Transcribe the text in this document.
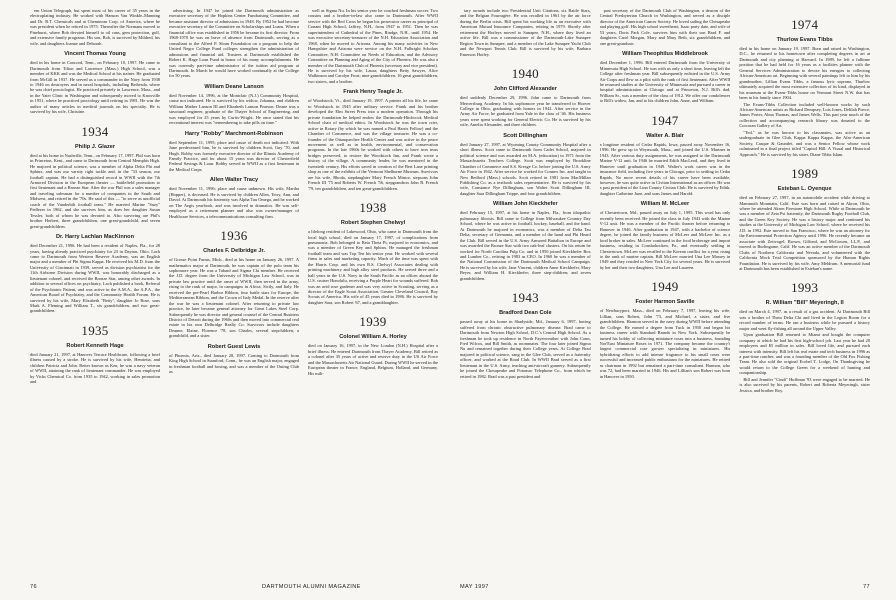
em Union Telegraph, but spent most of his career of 35 years in the electroplating industry. He worked with Hanson Van Winkle–Manning and Dr. R.T. Chemicals and at Cheminom Corp. of America, where he was president when he retired in 1975. Thereafter the Normans moved to Pinehurst, where Bob devoted himself to oil cans, gem protection, golf, and extensive family programs. His son, Bob, is survived by Mildred, his wife, and daughters Joanne and Deborah.

Vincent Thomas Young

died in his home in Concord, Tenn., on February 10, 1997. He came to Dartmouth from Tilton and Lawrence (Mass.) High School, was a member of KKK and was the Medical School at his trainer. He graduated from McGill in 1937. He served as a commander in the Navy from 1938 to 1946 on destroyers and in naval hospitals, including Bethesda, where he was chief proctologist. He practiced privately in Lawrence, Mass., and in the Yater Clinic in Washington and subsequently moved to Knoxville in 1951, where he practiced proctology until retiring in 1981. He was the author of many articles in medical journals on his specialty. He is survived by his wife, Christine.

1934
Philip J. Glazer

died at his home in Nashville, Tenn., on February 17, 1997. Phil was born in Princeton, Kent., and came to Dartmouth from Central Memphis High. He majored in political science, was a member of Alpha Delta Phi and Sphinx, and was our varsity right tackle and, in the "33 season, our football captain. He had a distinguished record in WWII with the 7th Armored Division in the European theater — battlefield promotion to first lieutenant and a Bronze Star. After the war Phil was a sales manager and traveling salesman for a number of companies in the South and Midwest, and retired in the '70s. He said of this — "to serve as unofficial coach of the Vanderbilt football team." He married Marine "Suzy" Pedlezer in 1962, and she survives him, as does her daughter Susan Tessler, both of whom he was devoted to. Also surviving are Phil's brother Herbert, three grandchildren, one great-grandchild, and seven great-grandchildren.

Dr. Harry Lachlan MacKinnon

died December 21, 1996. He had been a resident of Naples, Fla., for 28 years, having already practiced psychiatry for 23 in Dayton, Ohio. Lach came to Dartmouth from Western Reserve Academy, was an English major and a member of Phi Sigma Kappa. He received his M.D. from the University of Cincinnati in 1939, served as division psychiatrist for the 11th Airborne Division during WWII, was honorably discharged as a lieutenant colonel, and received the Bronze Star, among other awards. In addition to several offices on psychiatry, Lach published a book, Referral of the Psychiatric Patient, and was active in the A.M.A., the A.P.A., the American Board of Psychiatry, and the Community Health Forum. He is survived by his wife, Mary Elizabeth "Betty", daughter Jo Rose, sons Mark A. Fleming and William T., six grandchildren, and two great-grandchildren.

1935
Robert Kenneth Hage

died January 21, 1997, at Hanover Terrace Healthcare, following a brief illness caused by a stroke. He is survived by his wife, Henrietta, and children Patricia and John. Better known as Ken, he was a navy veteran of WWII, attaining the rank of lieutenant commander. He was employed by Vicks Chemical Co. from 1935 to 1942, working in sales promotion and

advertising. In 1947 he joined the Dartmouth administration as executive secretary of the Hopkins Center Fundraising Committee, and became assistant director of admissions in 1948. By 1952 he had become executive secretary of the Committee on Scholarships and Loans. When a financial office was established in 1956 he became its first director. From 1968-1970 he was on leave of absence from Dartmouth, serving as a consultant to the Alfred P. Sloan Foundation on a program to help the United Negro College Fund colleges strengthen the administration of admissions and financial aid. Trustees at Dartmouth established the Robert K. Hage Loan Fund in honor of his many accomplishments. He was currently part-time administrator of the tuition aid program at Dartmouth. In March he would have worked continually at the College for 50 years.

William Deane Lanson

died November 14, 1996, at the Montclair (N.J.) Community Hospital, cause not indicated. He is survived by his widow, Johanna, and children William Mather Lanson III and Elizabeth Lanson Pearson. Deane was a structural engineer, graduate of the Thayer School of Engineering, and was employed for 25 years by Curtis-Wright. He once stated that his recreational interest was "remembering to take pills on time."

Harry "Robby" Marchmont-Robinson

died September 11, 1995; place and cause of death not indicated. With June predeceased him, he is survived by children Scott, Guy '70, and Hugh. Robby was formerly executive director of the Illinois Academy of Family Practice, and for about 15 years was director of Chesterfield Federal Savings & Loan. Robby served in WWII as a first lieutenant in the Medical Corps.

Allen Walter Tracy

died November 11, 1996; place and cause unknown. His wife, Martha (Hopper), is deceased. He is survived by children Allen, Terry, Ann, and David. At Dartmouth his fraternity was Alpha Tau Omega, and he worked on The Aegis yearbook, and was involved in dramatics. He was self-employed as a retirement planner and also was owner/manager of Healthcare Services, a telecommunications consulting firm.

1936
Charles F. Delbridge Jr.

of Grosse Point Farms, Mich., died at his home on January 26, 1997. A mathematics major at Dartmouth, he was captain of the polo team his sophomore year. He was a Tabard and Sigma Chi member. He received the J.D. degree from the University of Michigan Law School, was in private law practice until the onset of WWII, then served in the army, rising to the rank of major, in campaigns in Africa, Sicily, and Italy. He received the pre-Pearl Harbor Ribbon, four battle stars for Europe, the Mediterranean Ribbon, and the Crown of Italy Medal. In the reserve after the war he was a lieutenant colonel. After returning to private law practice, he later became general attorney for Great Lakes Steel Corp. Subsequently he was director and general counsel of the Central Business District of Detroit during the 1960s and then moved into commercial real estate in his own Delbridge Realty Co. Survivors include daughters Deanne, Elaine, Florence '78, son Charles, several stepchildren, a grandchild, and a sister.

Robert Guest Lewis

of Phoenix, Ariz., died January 28, 1997. Coming to Dartmouth from King High School in Stamford, Conn., he was an English major, engaged in freshman football and boxing, and was a member of the Outing Club as

well as Sigma Nu. In his senior year he coached freshman soccer. Two cousins and a brother-in-law also came to Dartmouth. After WWII service with the Red Cross he began his prosecutor career as principal of Conant High School, Jaffrey, N.H., from 1947 to 1951. Then he was superintendent of Cathedral of the Pines, Rindge, N.H., until 1954. He was executive secretary-treasurer of the N.H. Education Association and 1968, when he moved to Arizona. Among his many activities in New Hampshire and Arizona were service on the N.H. Fulbright Scholars Committee, N.H. Committee on Needs of Education, and the Advisory Committee on Planning and Aging of the City of Phoenix. He was also a member of the Dartmouth Club of Phoenix (secretary and vice president). He is survived by his wife, Laura; daughters Betty Sawyer, Alice Walkinson and Carolyn Frost; nine grandchildren, 16 great grandchildren, two sisters, and a brother.

Frank Henry Teagle Jr.

of Woodstock, Vt., died January 19, 1997. A printer all his life, he came to Woodstock in 1945 after military service. Frank and his brother developed the Elm Street Press into a modern operation. Through his private foundation he helped endow the Dartmouth-Hitchcock Medical School chair of medical ethics. In Woodstock he was the town crier, active in Rotary (by which he was named a Paul Harris Fellow) and the Chamber of Commerce, and was the village treasurer. He was a co-founder of the Ottauquechee Health Center and was active in the peace movement as well as in health, environmental, and conservation programs. In the late 1960s he worked with others to have iron truss bridges preserved, to restore the Woodstock Inn, and Frank wrote a history of the village. A community leader, he was mentored in the twentieth century. His efforts saved in creation of the Bert Lane printing shop as one of the exhibits of the Vermont Shelburne Museum. Survivors are his wife, Rhoda, stepdaughter Mary French Minior, stepsons John French III '75 and Roberts W. French '56, stepgrandson John B. French '79, ten grandchildren, and ten great-grandchildren.

1938
Robert Stephen Chelwyl

a lifelong resident of Lakewood, Ohio, who came to Dartmouth from the local high school, died on January 17, 1997, of complications from pneumonia. Bob belonged to Beta Theta Pi, majored in economics, and was a member of Green Key and Sphinx. He managed the freshman football team and was Top Ten his senior year. He worked with several firms in sales and marketing capacity. Much of the time was spent with the Harris Corp. and his own R.S. Chelwyl Associates dealing with printing machinery and high alloy steel products. He served three and a half years in the U.S. Navy in the South Pacific as an officer aboard the U.S. cruiser Honolulu, receiving a Purple Heart for wounds suffered. Bob was an avid rose gardener and was very active in Scouting, serving as a director of the Eagle Scout Association, Greater Cleveland Council, Boy Scouts of America. His wife of 45 years died in 1986. He is survived by daughter Sara, son Robert '67, and a granddaughter.

1939
Colonel William A. Horley

died on January 16, 1997, in the New London (N.H.) Hospital after a brief illness. He entered Dartmouth from Thayer Academy. Bill retired as a colonel after 35 years of active and reserve duty in the US Air Force and the Massachusetts Air National Guard. During WWII he served in the European theater in France, England, Belgium, Holland, and Germany. His mili-

76	DARTMOUTH ALUMNI MAGAZINE

tary awards include two Presidential Unit Citations, six Battle Stars, and the Belgian Fourragère. He was recalled in 1961 by the air force during the Berlin crisis. Bill spent his working life as an executive with American Mutual Insurance Companies, retiring in 1979. Shortly after retirement the Horleys moved to Sunapee, N.H., where they lived an active life. Bill was a commissioner of the Dartmouth-Lake Sunapee Region Town in Sunapee, and a member of the Lake Sunapee Yacht Club and the Newport Tennis Club. Bill is survived by his wife, Barbara Emerson Horley.

1940
John Clifford Alexander

died suddenly December 29, 1996. John came to Dartmouth from Mercersburg Academy. In his sophomore year he transferred to Hoover College in Ohio, graduating with honors in 1942. After service in the Army Air Force, he graduated from Yale in the class of '46. His business years were spent working for General Electric Co. He is survived by his wife, Amelia Alexander, and three children.

Scott Dillingham

died January 27, 1997, at Wyoming County Community Hospital after a short illness. Scott came to Dartmouth from Cadet School, majored in political science and was awarded an M.A. (education) in 1971 from the Massachusetts Teachers College. Scott was employed by Brookline Chamber of Commerce and S.S. Kresge Co. before joining the U.S. Army Air Force in 1942. After service he worked for Connex Inc. and taught in New Bedford (Mass.) schools. Scott retired in 1981 from MacMillan Publishing Co. as a textbook sales representative. He is survived by his wife, Constance Nye Dillingham, son Walter Scott Dillingham III, daughter Sara Dillingham Trippe, and four grandchildren.

William John Kieckhefer

died February 15, 1997, at his home in Naples, Fla., from idiopathic pulmonary fibrosis. Bill came to College from Milwaukee Country Day School, where he was active in football, hockey, baseball, and the band. At Dartmouth he majored in economics, was a member of Delta Tau Delta, secretary of Germania, and a member of the band and Phi Heard the Club. Bill served in the U.S. Army Armored Battalion in Europe and was awarded the Bronze Star with two oak-leaf clusters. On his return he worked for North Carolina Pulp Co. and in 1950 joined Kieckhefer Box and Lumber Co., retiring in 1983 as CEO. In 1960 he was a member of the National Commission of the Dartmouth Medical School Campaign. He is survived by his wife, Jane Vincent, children Anne Kieckhefer, Mary Beyer, and William H. Kieckhefer; three step-children; and seven grandchildren.

1943
Bradford Dean Cole

passed away at his home in Shadyside, Md., January 6, 1997, having suffered from chronic obstructive pulmonary disease. Brad came to Dartmouth from Newton High School, D.C.'s Central High School. As a freshman he took up residence in North Fayerweather with John Conn, Fred Wilcox, and Bill Smith, as roommates. The four later joined Sigma Nu and remained together during their College years. At College Brad majored in political science, sang in the Glee Club, served as a fraternity officer, and worked at the Road Club. In WWII Brad served as a first lieutenant in the U.S. Army, teaching anti-aircraft gunnery. Subsequently he joined the Chesapeake and Potomac Telephone Co., from which he retired in 1982. Brad was a past president and

past secretary of the Dartmouth Club of Washington, a deacon of the Central Presbyterian Church in Washington, and served as a disciple director of the American Cancer Society. He loved sailing the Chesapeake and playing golf. His high school sweetheart, Isaac party date, and wife of 53 years, Doris Park Cole, survives him with their son Brad F. and daughters Carol Morgan, Mary and Mary Beth, six grandchildren, and one great-grandson.

William Theophilus Middlebrook

died December 1, 1996. Bill entered Dartmouth from the University of Minnesota High School. He was with us only a short time, leaving left the College after freshman year. Bill subsequently enlisted in the U.S. Army Air Corps and flew as a pilot with the rank of first lieutenant. After WWII he resumed studies at the University of Minnesota and pursued a career in hospital administration at Chicago and at Princeton, N.J. Bill's dad, William Sr., was a member of the class of 1912. We offer our condolences to Bill's widow, Jan, and to his children John, Anne, and William.

1947
Walter A. Blair

a longtime resident of Cedar Rapids, Iowa, passed away November 16, 1996. He grew up in Weymouth, Mass., and joined the U.S. Marines in 1943. After various duty assignments, he was assigned to the Dartmouth Marine V-12 unit. In 1946 he married Edith MacLeod, and they lived in Hanover until graduation in 1949. Walter's work career was in the insurance field, including five years in Chicago, prior to settling in Cedar Rapids. No more recent details of his career have been available, however, he was quite active in Civitan International as an officer. He was a past president of the Linn County Civitan Club. He is survived by Edith, daughter Catherine June, and sons James and Harold.

William M. McLeer

of Chestertown, Md., passed away on July 1, 1995. This word has only recently been received. He joined the class in July 1943 with the Marine V-12 unit. He was a member of the Pacific theater before returning to Hanover in 1946. After graduation in 1947, with a bachelor of science degree, he joined the family business of McLeer and McLeer Inc. as a food broker in sales. McLeer continued in the food brokerage and import business, residing in Conshohocken, Pa., and eventually settling in Chestertown. McLeer was recalled to the Korean conflict for a year, rising to the rank of marine captain. Bill McLeer married Una Lee Massey in 1949 and they resided in New York City for several years. He is survived by her and their two daughters, Una Lee and Laureen.

1949
Foster Harmon Saville

of Newburyport, Mass., died on February 7, 1997, leaving his wife, Lillian, sons Robert, John '73, and Michael, a sister, and five grandchildren. Harmon served in the navy during WWII before attending the College. He earned a degree from Tuck in 1950 and began his business career with Standard Brands in New York. Subsequently he turned his hobby of collecting miniature roses into a business, founding Nor'East Miniature Roses in 1971. The company became the country's largest commercial rose grower specializing in miniatures. His hybridizing efforts to add intense fragrance to his small roses were successful and increased public enthusiasm for the miniatures. He retired as chairman in 1992 but remained a part-time consultant. Harmon, who was 72, had been married in 1946. His and Lillian's son Robert was born in Hanover in 1950.

1974
Thurlow Evans Tibbs

died in his home on January 19, 1997. Born and raised in Washington, D.C., he returned to his hometown after completing degrees in art at Dartmouth and city planning at Harvard. In 1989, he left a fulltime position that he had held for 16 years as a facilities planner with the General Services Administration to devote his energies to collecting African-American art. Beginning with several paintings left to him by his grandmother, Lillian Evans Tibbs, a famous lyric soprano, Thurlow ultimately acquired the most extensive collection of its kind, displayed in his museum at the Evans-Tibbs house on Vermont Street N.W. that has been in his family since 1904.

The Evans-Tibbs Collection included well-known works by such African-American artists as Richard Dempsey, Lois Jones, Delilah Pierce, James Porter, Alma Thomas, and James Wells. This part year much of the collection and accompanying research library was donated to the Corcoran Gallery of Art.

"Ted," as he was known to his classmates, was active as an undergraduate in Glee Club, Kappa Kappa Kappa, the Afro-American Society, Casque & Gauntlet, and was a Senior Fellow whose work culminated in a final project titled "Capitol Hill: A Visual and Historical Approach." He is survived by his sister, Diane Tibbs Islam.

1989
Esteban L. Oyenque

died on February 27, 1997, in an automobile accident while driving to Mammoth Mountain, Calif. Este was born and raised in Akron, Ohio, where he attended Akron Firestone High School. While at Dartmouth he was a member of Zeta Psi fraternity, the Dartmouth Rugby Football Club, and the Green Key Society. He was a history major and continued his studies at the University of Michigan Law School, where he received his J.D. in 1992. Este moved to San Francisco, where he was an attorney for the Environmental Protection Agency until 1996. He recently became an associate with Zeitvogel, Brown, Gilfond, and McGowen, LL.P., and moved to Burlingame, Calif. He was an active member of the Dartmouth Clubs of Northern California and Nevada, and volunteered with the California Mock Trial Competition sponsored by the Human Rights Foundation. He is survived by his wife, Amy Meldrum. A memorial fund at Dartmouth has been established in Esteban's name.

1993
R. William "Bill" Meyeringh, II

died on March 4, 1997, as a result of a gas accident. At Dartmouth Bill was a brother of Theta Delta Chi and lived in the Legion Room for a record number of terms. He ran a business while he pursued a history major and went fly-fishing all around the Upper Valley.

Upon graduation Bill returned to Miami and bought the computer company at which he had his first high-school job. Last year he had 20 employees and $5 million in sales. Bill loved life, and pursued each interest with intensity. Bill left his real estate and tech business in 1996 as a part-time rancher, and was a founding member of the Old Fox Fishing Team. He also sold the original Ecobel T. Lodge, On Thanksgiving he would return to the College Green for a weekend of hunting and companionship.

Bill and Jennifer "Cindi" Huffman '93 were engaged to be married. He is also survived by his parents, Robert and Roberta Meyeringh, sister Jessica, and brother Roy.

MAY 1997	77
